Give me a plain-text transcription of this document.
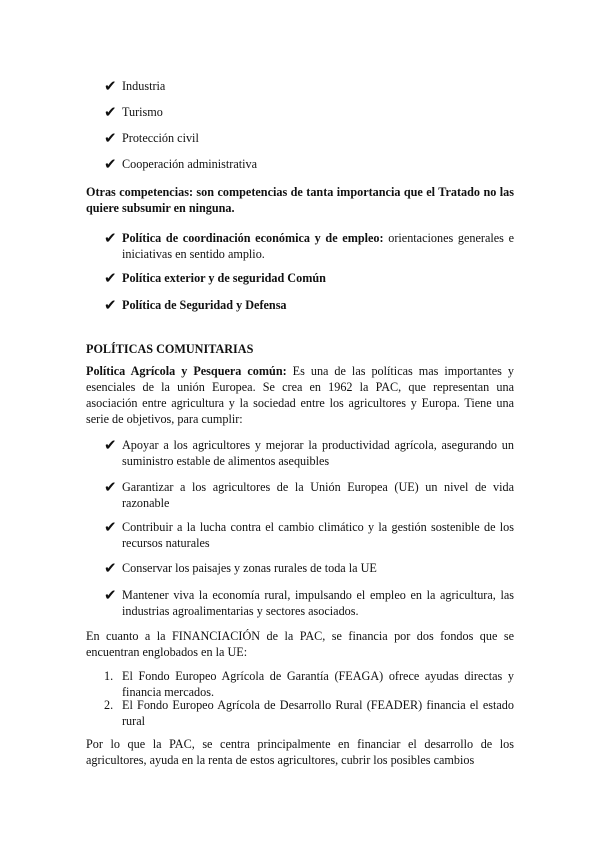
✔ Industria
✔ Turismo
✔ Protección civil
✔ Cooperación administrativa
Otras competencias: son competencias de tanta importancia que el Tratado no las quiere subsumir en ninguna.
✔ Política de coordinación económica y de empleo: orientaciones generales e iniciativas en sentido amplio.
✔ Política exterior y de seguridad Común
✔ Política de Seguridad y Defensa
POLÍTICAS COMUNITARIAS
Política Agrícola y Pesquera común: Es una de las políticas mas importantes y esenciales de la unión Europea. Se crea en 1962 la PAC, que representan una asociación entre agricultura y la sociedad entre los agricultores y Europa. Tiene una serie de objetivos, para cumplir:
✔ Apoyar a los agricultores y mejorar la productividad agrícola, asegurando un suministro estable de alimentos asequibles
✔ Garantizar a los agricultores de la Unión Europea (UE) un nivel de vida razonable
✔ Contribuir a la lucha contra el cambio climático y la gestión sostenible de los recursos naturales
✔ Conservar los paisajes y zonas rurales de toda la UE
✔ Mantener viva la economía rural, impulsando el empleo en la agricultura, las industrias agroalimentarias y sectores asociados.
En cuanto a la FINANCIACIÓN de la PAC, se financia por dos fondos que se encuentran englobados en la UE:
1. El Fondo Europeo Agrícola de Garantía (FEAGA) ofrece ayudas directas y financia mercados.
2. El Fondo Europeo Agrícola de Desarrollo Rural (FEADER) financia el estado rural
Por lo que la PAC, se centra principalmente en financiar el desarrollo de los agricultores, ayuda en la renta de estos agricultores, cubrir los posibles cambios
